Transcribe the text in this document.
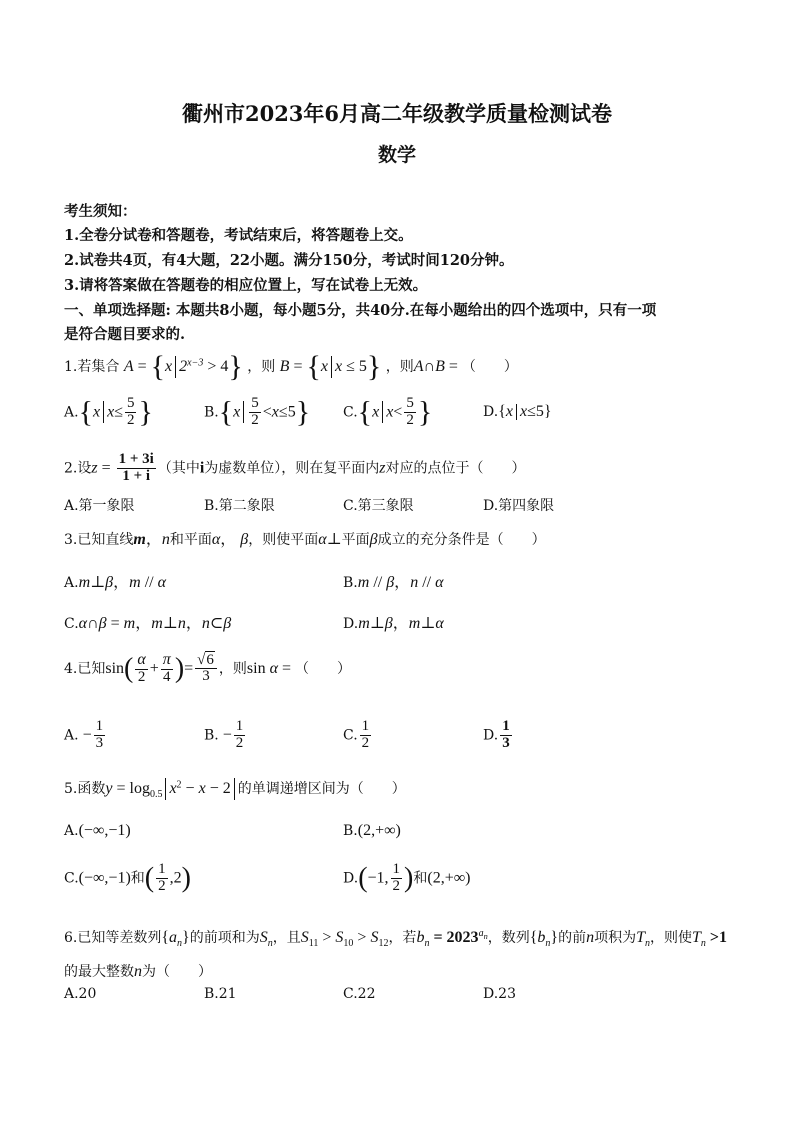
衢州市2023年6月高二年级教学质量检测试卷
数学
考生须知：
1.全卷分试卷和答题卷，考试结束后，将答题卷上交。
2.试卷共4页，有4大题，22小题。满分150分，考试时间120分钟。
3.请将答案做在答题卷的相应位置上，写在试卷上无效。
一、单项选择题: 本题共8小题，每小题5分，共40分.在每小题给出的四个选项中，只有一项
是符合题目要求的.
1.若集合 A = {x $2^{x-3} > 4$} ，则 B = {x x ≤ 5} ，则A∩B = （　　）
A.{x $x\le \frac{5}{2}$ }	$B.\{x \frac{5}{2} <x\le 5\}$ C.{x $x< \frac{5}{2}$ }	D.{x x≤5}
2.设$z = \frac{1 + 3i}{1 + i}$ （其中i为虚数单位），则在复平面内z对应的点位于（　　）
A.第一象限	B.第二象限	C.第三象限	D.第四象限
3.已知直线m，n和平面α， β，则使平面α⊥平面β成立的充分条件是（　　）
A.m⊥β，m // α	B.m // β，n // α
C.α∩β = m，m⊥n，n⊂β	D.m⊥β，m⊥α
4.已知$\sin( \frac{\alpha}{2} + \frac{\pi}{4}$ )= $\frac{√6}{3}$ ，则sin α = （　　）
A. − $\frac{1}{3}$	B. − $\frac{1}{2}$	C. $\frac{1}{2}$	D. $\frac{1}{3}$
5.函数$y = \log_{0.5} x^2 - x - 2$ 的单调递增区间为（　　）
A.(−∞,−1)	B.(2,+∞)
C.(−∞,−1)和( $\frac{1}{2} ,2$)	D.(−1, $\frac{1}{2}$ )和(2,+∞)
6.已知等差数列$\{a_n\}$的前项和为$S_n$，且$S_{11} > S_{10} > S_{12}$，若$b_n = 2023^{a_n}$，数列$\{b_n\}$的前n项积为$T_n$，则使$T_n >1$
的最大整数n为（　　）
A.20	B.21	C.22	D.23
